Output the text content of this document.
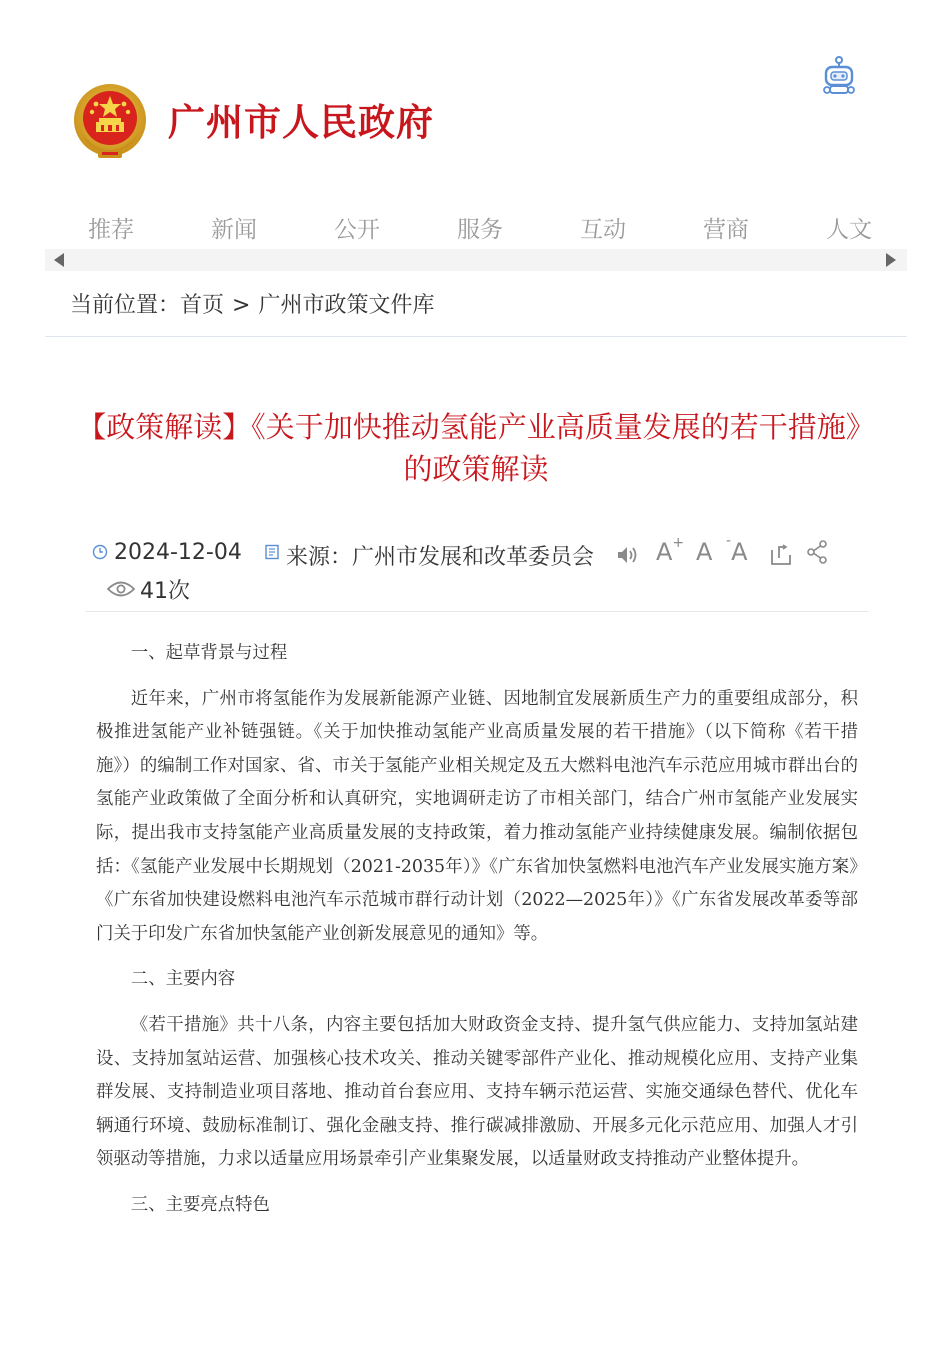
广州市人民政府
推荐	新闻	公开	服务	互动	营商	人文
当前位置：首页 > 广州市政策文件库
【政策解读】《关于加快推动氢能产业高质量发展的若干措施》的政策解读
2024-12-04 来源：广州市发展和改革委员会	A+ A -A
41次

一、起草背景与过程

近年来，广州市将氢能作为发展新能源产业链、因地制宜发展新质生产力的重要组成部分，积极推进氢能产业补链强链。《关于加快推动氢能产业高质量发展的若干措施》（以下简称《若干措施》）的编制工作对国家、省、市关于氢能产业相关规定及五大燃料电池汽车示范应用城市群出台的氢能产业政策做了全面分析和认真研究，实地调研走访了市相关部门，结合广州市氢能产业发展实际，提出我市支持氢能产业高质量发展的支持政策，着力推动氢能产业持续健康发展。编制依据包括：《氢能产业发展中长期规划（2021-2035年）》《广东省加快氢燃料电池汽车产业发展实施方案》《广东省加快建设燃料电池汽车示范城市群行动计划（2022—2025年）》《广东省发展改革委等部门关于印发广东省加快氢能产业创新发展意见的通知》等。

二、主要内容

《若干措施》共十八条，内容主要包括加大财政资金支持、提升氢气供应能力、支持加氢站建设、支持加氢站运营、加强核心技术攻关、推动关键零部件产业化、推动规模化应用、支持产业集群发展、支持制造业项目落地、推动首台套应用、支持车辆示范运营、实施交通绿色替代、优化车辆通行环境、鼓励标准制订、强化金融支持、推行碳减排激励、开展多元化示范应用、加强人才引领驱动等措施，力求以适量应用场景牵引产业集聚发展，以适量财政支持推动产业整体提升。

三、主要亮点特色
